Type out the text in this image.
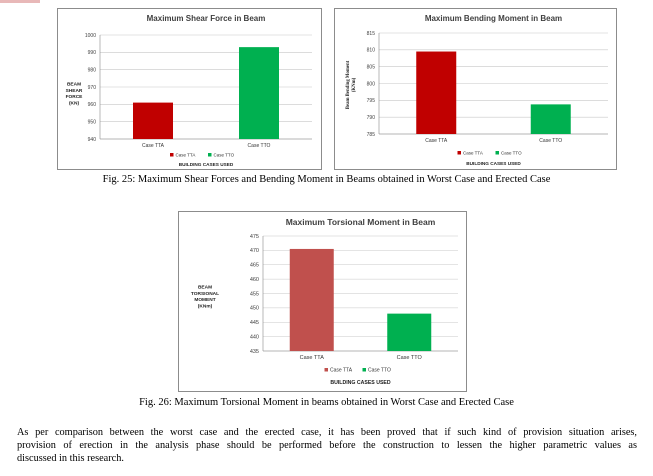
Maximum Shear Force in Beam
940
950
960
970
980
990
1000
BEAM
SHEAR
FORCE
(KN)
Case TTA	Case TTO
Case TTA	Case TTO
BUILDING CASES USED
Maximum Bending Moment in Beam
785
790
795
800
805
810
815
Beam Bending Moment (KNm)
Case TTA	Case TTO
Case TTA	Case TTO
BUILDING CASES USED

Fig. 25: Maximum Shear Forces and Bending Moment in Beams obtained in Worst Case and Erected Case

Maximum Torsional Moment in Beam
435
440
445
450
455
460
465
470
475
BEAM
TORSIONAL
MOMENT
(KNm)
Case TTA	Case TTO
Case TTA	Case TTO
BUILDING CASES USED

Fig. 26: Maximum Torsional Moment in beams obtained in Worst Case and Erected Case

As per comparison between the worst case and the erected case, it has been proved that if such kind of provision situation arises,
provision of erection in the analysis phase should be performed before the construction to lessen the higher parametric values as
discussed in this research.
